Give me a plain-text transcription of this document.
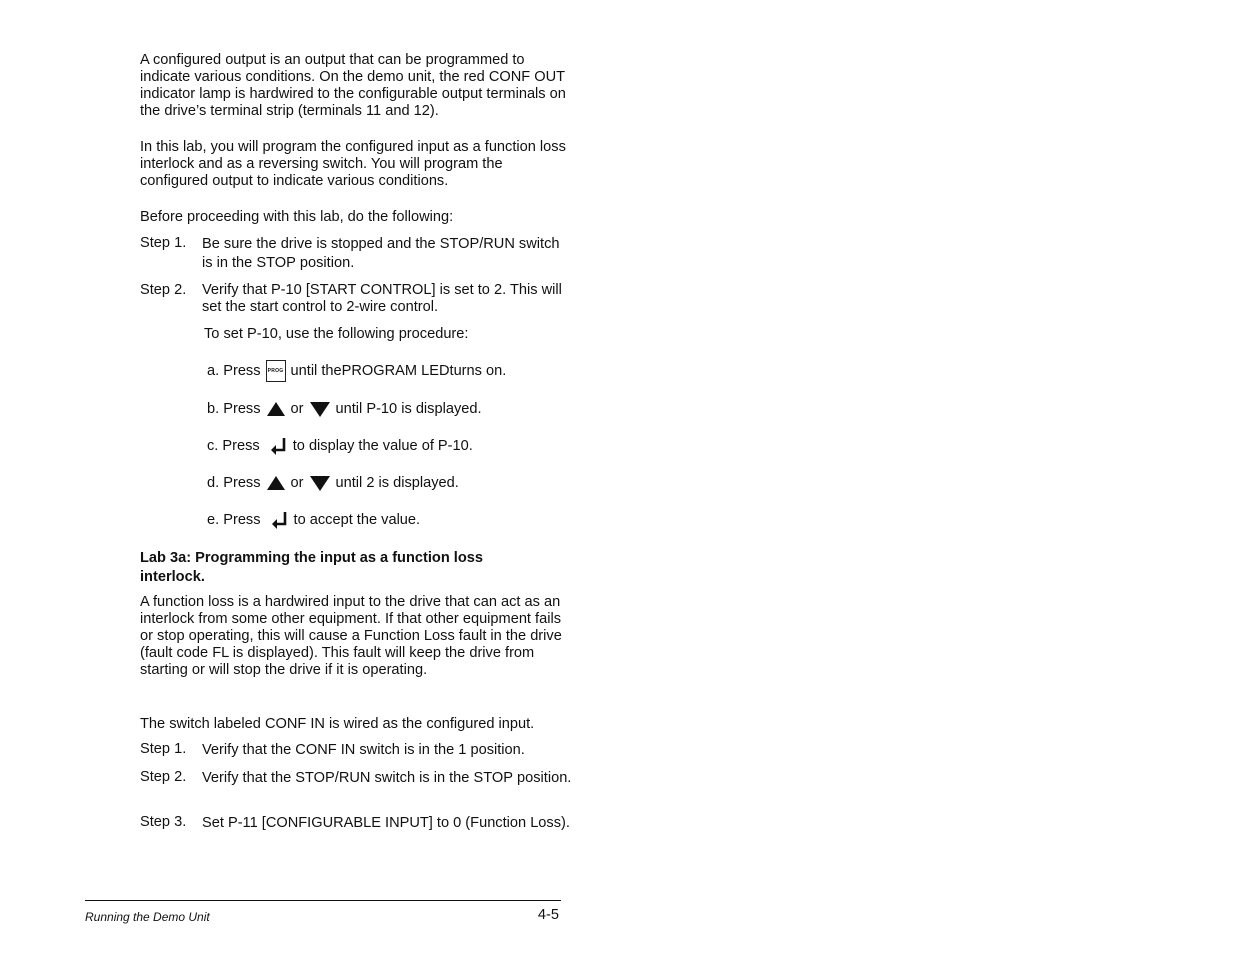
A configured output is an output that can be programmed to indicate various conditions. On the demo unit, the red CONF OUT indicator lamp is hardwired to the configurable output terminals on the drive’s terminal strip (terminals 11 and 12).

In this lab, you will program the configured input as a function loss interlock and as a reversing switch. You will program the configured output to indicate various conditions.

Before proceeding with this lab, do the following:

Step 1. Be sure the drive is stopped and the STOP/RUN switch is in the STOP position.
Step 2. Verify that P-10 [START CONTROL] is set to 2. This will set the start control to 2-wire control.
To set P-10, use the following procedure:
a. Press	PROG until the PROGRAM LED turns on.
b. Press or until P-10 is displayed.
c. Press to display the value of P-10.
d. Press or until 2 is displayed.
e. Press to accept the value.
Lab 3a: Programming the input as a function loss interlock.

A function loss is a hardwired input to the drive that can act as an interlock from some other equipment. If that other equipment fails or stop operating, this will cause a Function Loss fault in the drive (fault code FL is displayed). This fault will keep the drive from starting or will stop the drive if it is operating.

The switch labeled CONF IN is wired as the configured input.

Step 1. Verify that the CONF IN switch is in the 1 position.
Step 2. Verify that the STOP/RUN switch is in the STOP position.
Step 3. Set P-11 [CONFIGURABLE INPUT] to 0 (Function Loss).
Running the Demo Unit	4-5
